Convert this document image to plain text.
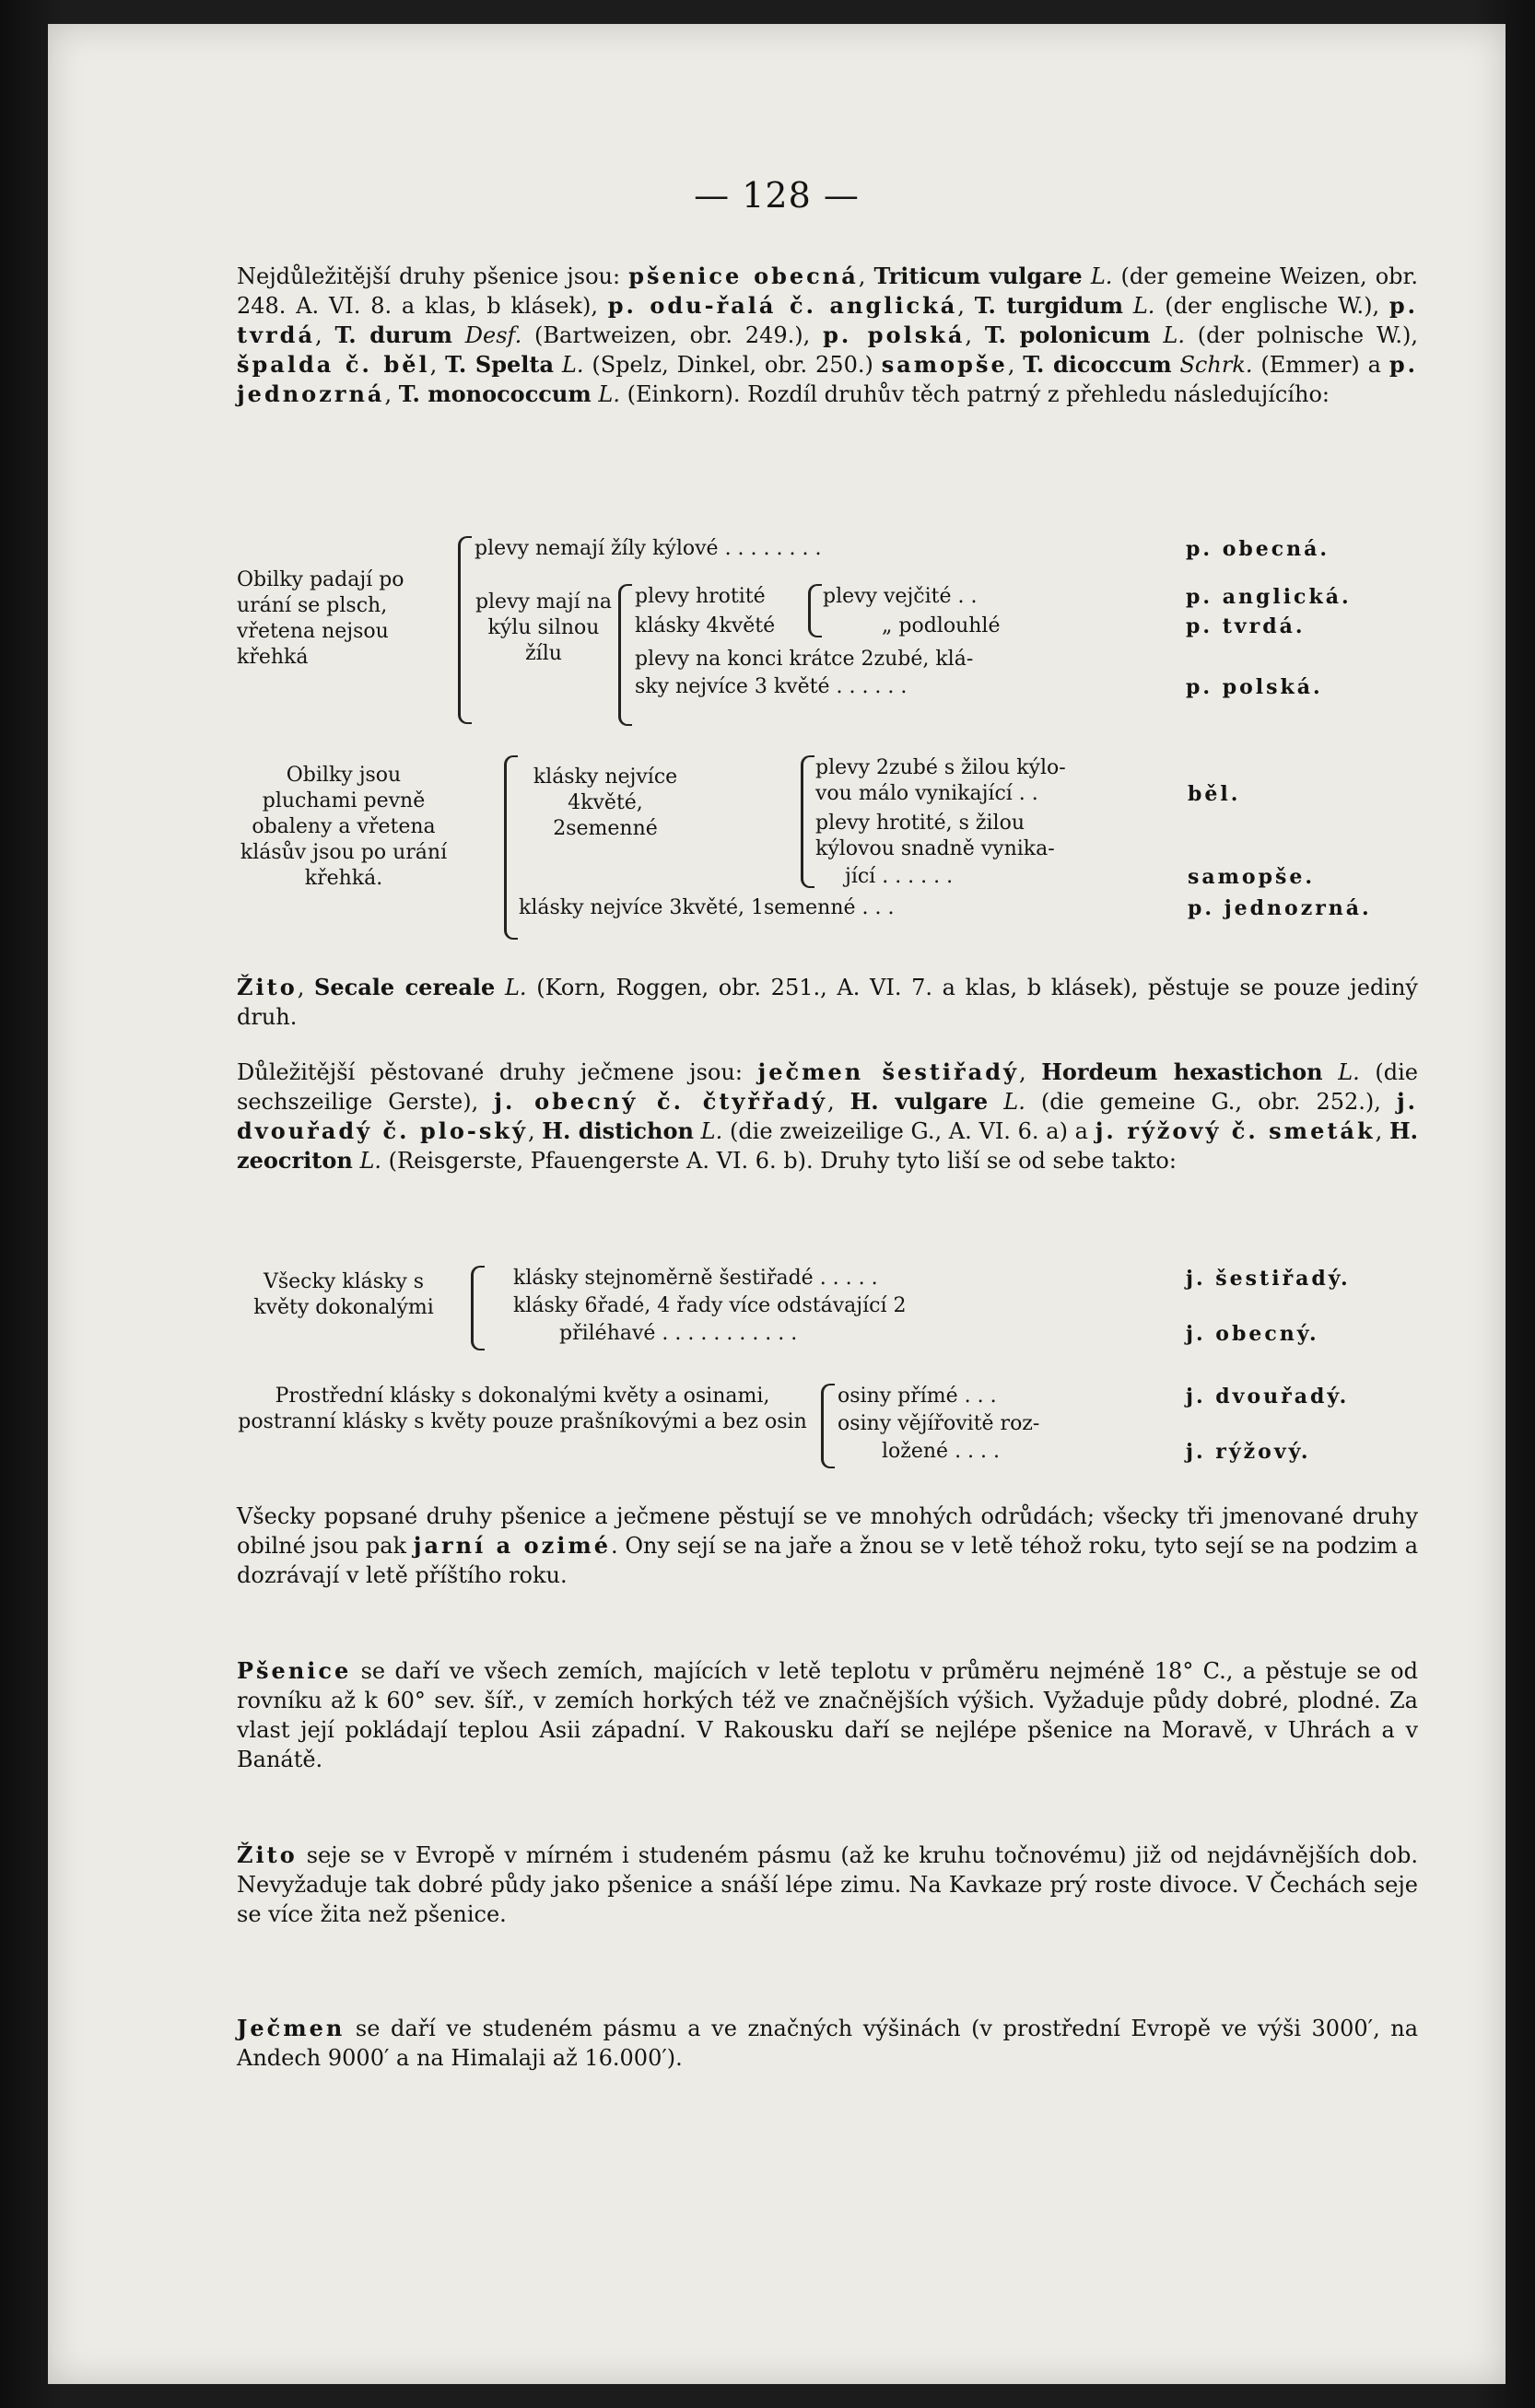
— 128 —

Nejdůležitější druhy pšenice jsou: pšenice obecná, Triticum vulgare L. (der gemeine Weizen, obr. 248. A. VI. 8. a klas, b klásek), p. odu-řalá č. anglická, T. turgidum L. (der englische W.), p. tvrdá, T. durum Desf. (Bartweizen, obr. 249.), p. polská, T. polonicum L. (der polnische W.), špalda č. běl, T. Spelta L. (Spelz, Dinkel, obr. 250.) samopše, T. dicoccum Schrk. (Emmer) a p. jednozrná, T. monococcum L. (Einkorn). Rozdíl druhův těch patrný z přehledu následujícího:

Obilky padají po urání se plsch, vřetena nejsou křehká
plevy nemají žíly kýlové . . . . . . . .	p. obecná.
plevy mají na kýlu silnou žílu
plevy hrotité	plevy vejčité . .	p. anglická.
klásky 4květé	„ podlouhlé	p. tvrdá.
plevy na konci krátce 2zubé, klá-
sky nejvíce 3 květé . . . . . .	p. polská.
Obilky jsou pluchami pevně obaleny a vřetena klásův jsou po urání křehká.
klásky nejvíce 4květé, 2semenné
plevy 2zubé s žilou kýlo-
vou málo vynikající . .	běl.
plevy hrotité, s žilou
kýlovou snadně vynika-
jící . . . . . .	samopše.
klásky nejvíce 3květé, 1semenné . . .	p. jednozrná.

Žito, Secale cereale L. (Korn, Roggen, obr. 251., A. VI. 7. a klas, b klásek), pěstuje se pouze jediný druh.

Důležitější pěstované druhy ječmene jsou: ječmen šestiřadý, Hordeum hexastichon L. (die sechszeilige Gerste), j. obecný č. čtyřřadý, H. vulgare L. (die gemeine G., obr. 252.), j. dvouřadý č. plo-ský, H. distichon L. (die zweizeilige G., A. VI. 6. a) a j. rýžový č. smeták, H. zeocriton L. (Reisgerste, Pfauengerste A. VI. 6. b). Druhy tyto liší se od sebe takto:

Všecky klásky s květy dokonalými
klásky stejnoměrně šestiřadé . . . . .	j. šestiřadý.
klásky 6řadé, 4 řady více odstávající 2
přiléhavé . . . . . . . . . . .	j. obecný.
Prostřední klásky s dokonalými květy a osinami, postranní klásky s květy pouze prašníkovými a bez osin
osiny přímé . . .	j. dvouřadý.
osiny vějířovitě roz-
ložené . . . .	j. rýžový.

Všecky popsané druhy pšenice a ječmene pěstují se ve mnohých odrůdách; všecky tři jmenované druhy obilné jsou pak jarní a ozimé. Ony sejí se na jaře a žnou se v letě téhož roku, tyto sejí se na podzim a dozrávají v letě příštího roku.

Pšenice se daří ve všech zemích, majících v letě teplotu v průměru nejméně 18° C., a pěstuje se od rovníku až k 60° sev. šíř., v zemích horkých též ve značnějších výšich. Vyžaduje půdy dobré, plodné. Za vlast její pokládají teplou Asii západní. V Rakousku daří se nejlépe pšenice na Moravě, v Uhrách a v Banátě.

Žito seje se v Evropě v mírném i studeném pásmu (až ke kruhu točnovému) již od nejdávnějších dob. Nevyžaduje tak dobré půdy jako pšenice a snáší lépe zimu. Na Kavkaze prý roste divoce. V Čechách seje se více žita než pšenice.

Ječmen se daří ve studeném pásmu a ve značných výšinách (v prostřední Evropě ve výši 3000′, na Andech 9000′ a na Himalaji až 16.000′).
